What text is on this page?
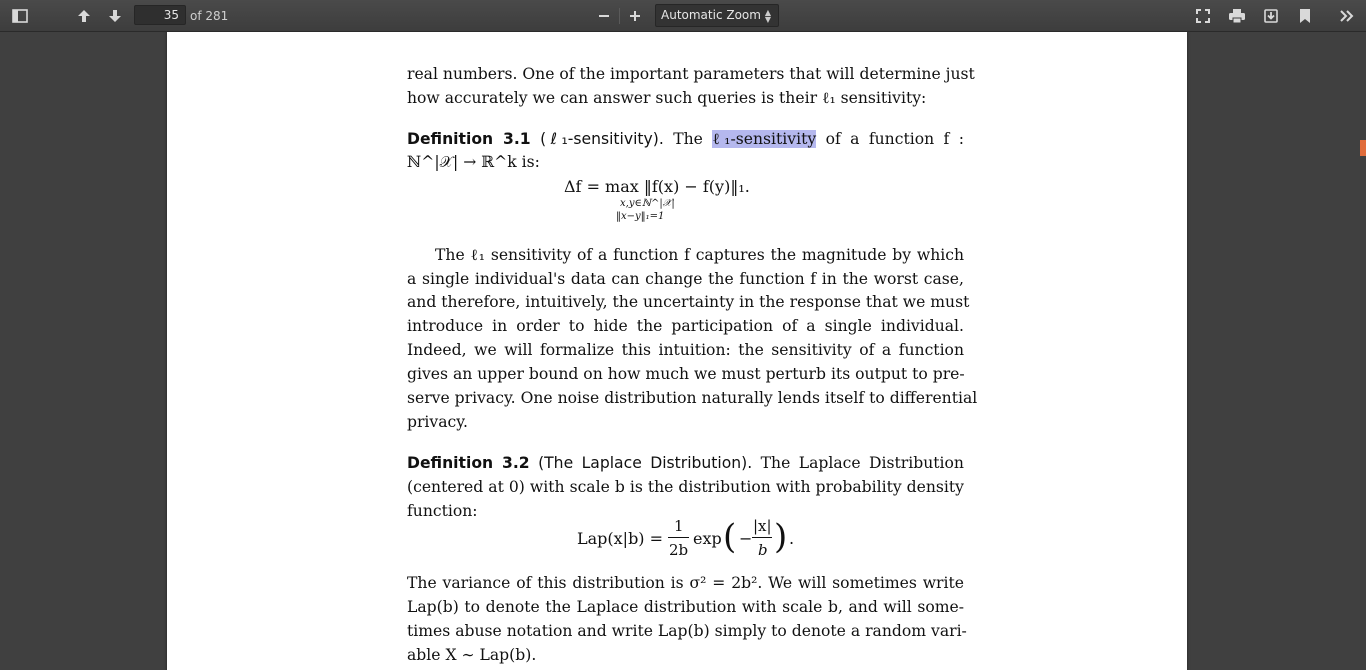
35
of 281	Automatic Zoom ▲
▼
real numbers. One of the important parameters that will determine just
how accurately we can answer such queries is their ℓ₁ sensitivity:
Definition 3.1 (ℓ₁-sensitivity). The ℓ₁-sensitivity of a function f :
ℕ^|𝒳| → ℝ^k is:
Δf = max ‖f(x) − f(y)‖₁.
x,y∈ℕ^|𝒳|
‖x−y‖₁=1
The ℓ₁ sensitivity of a function f captures the magnitude by which
a single individual's data can change the function f in the worst case,
and therefore, intuitively, the uncertainty in the response that we must
introduce in order to hide the participation of a single individual.
Indeed, we will formalize this intuition: the sensitivity of a function
gives an upper bound on how much we must perturb its output to pre-
serve privacy. One noise distribution naturally lends itself to differential
privacy.
Definition 3.2 (The Laplace Distribution). The Laplace Distribution
(centered at 0) with scale b is the distribution with probability density
function:
Lap(x|b) =
1
2b
exp ( −
|x|
b ) .
The variance of this distribution is σ² = 2b². We will sometimes write
Lap(b) to denote the Laplace distribution with scale b, and will some-
times abuse notation and write Lap(b) simply to denote a random vari-
able X ∼ Lap(b).
